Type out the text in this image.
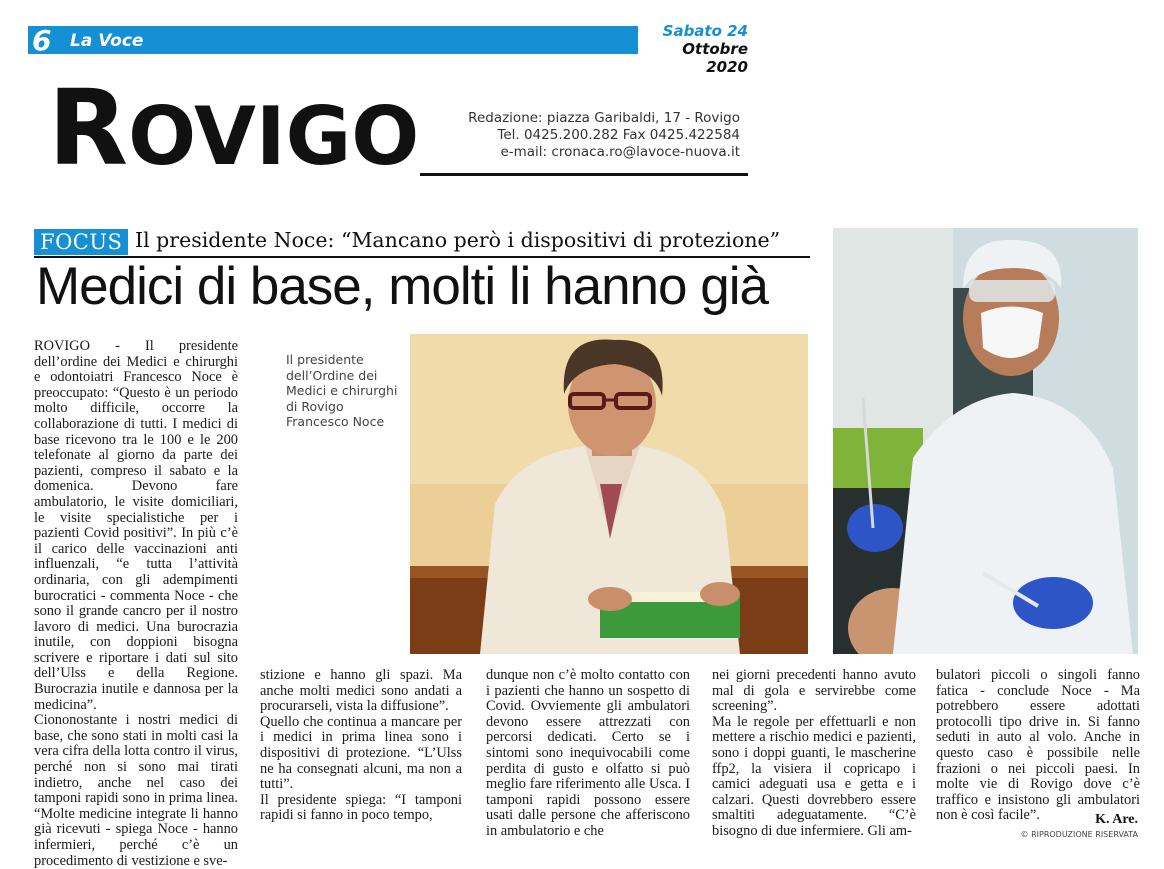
6 La Voce	Sabato 24
Ottobre 2020
ROVIGO	Redazione: piazza Garibaldi, 17 - Rovigo
Tel. 0425.200.282 Fax 0425.422584
e-mail: cronaca.ro@lavoce-nuova.it
FOCUS Il presidente Noce: “Mancano però i dispositivi di protezione”
Medici di base, molti li hanno già
Il presidente dell’Ordine dei Medici e chirurghi di Rovigo Francesco Noce

ROVIGO - Il presidente dell’ordine dei Medici e chirurghi e odontoiatri Francesco Noce è preoccupato: “Questo è un periodo molto difficile, occorre la collaborazione di tutti. I medici di base ricevono tra le 100 e le 200 telefonate al giorno da parte dei pazienti, compreso il sabato e la domenica. Devono fare ambulatorio, le visite domiciliari, le visite specialistiche per i pazienti Covid positivi”. In più c’è il carico delle vaccinazioni anti influenzali, “e tutta l’attività ordinaria, con gli adempimenti burocratici - commenta Noce - che sono il grande cancro per il nostro lavoro di medici. Una burocrazia inutile, con doppioni bisogna scrivere e riportare i dati sul sito dell’Ulss e della Regione. Burocrazia inutile e dannosa per la medicina”.

Ciononostante i nostri medici di base, che sono stati in molti casi la vera cifra della lotta contro il virus, perché non si sono mai tirati indietro, anche nel caso dei tamponi rapidi sono in prima linea. “Molte medicine integrate li hanno già ricevuti - spiega Noce - hanno infermieri, perché c’è un procedimento di vestizione e sve-

stizione e hanno gli spazi. Ma anche molti medici sono andati a procurarseli, vista la diffusione”.

Quello che continua a mancare per i medici in prima linea sono i dispositivi di protezione. “L’Ulss ne ha consegnati alcuni, ma non a tutti”.

Il presidente spiega: “I tamponi rapidi si fanno in poco tempo,

dunque non c’è molto contatto con i pazienti che hanno un sospetto di Covid. Ovviemente gli ambulatori devono essere attrezzati con percorsi dedicati. Certo se i sintomi sono inequivocabili come perdita di gusto e olfatto si può meglio fare riferimento alle Usca. I tamponi rapidi possono essere usati dalle persone che afferiscono in ambulatorio e che

nei giorni precedenti hanno avuto mal di gola e servirebbe come screening”.

Ma le regole per effettuarli e non mettere a rischio medici e pazienti, sono i doppi guanti, le mascherine ffp2, la visiera il copricapo i camici adeguati usa e getta e i calzari. Questi dovrebbero essere smaltiti adeguatamente. “C’è bisogno di due infermiere. Gli am-

bulatori piccoli o singoli fanno fatica - conclude Noce - Ma potrebbero essere adottati protocolli tipo drive in. Si fanno seduti in auto al volo. Anche in questo caso è possibile nelle frazioni o nei piccoli paesi. In molte vie di Rovigo dove c’è traffico e insistono gli ambulatori non è così facile”.	K. Are.
© RIPRODUZIONE RISERVATA
